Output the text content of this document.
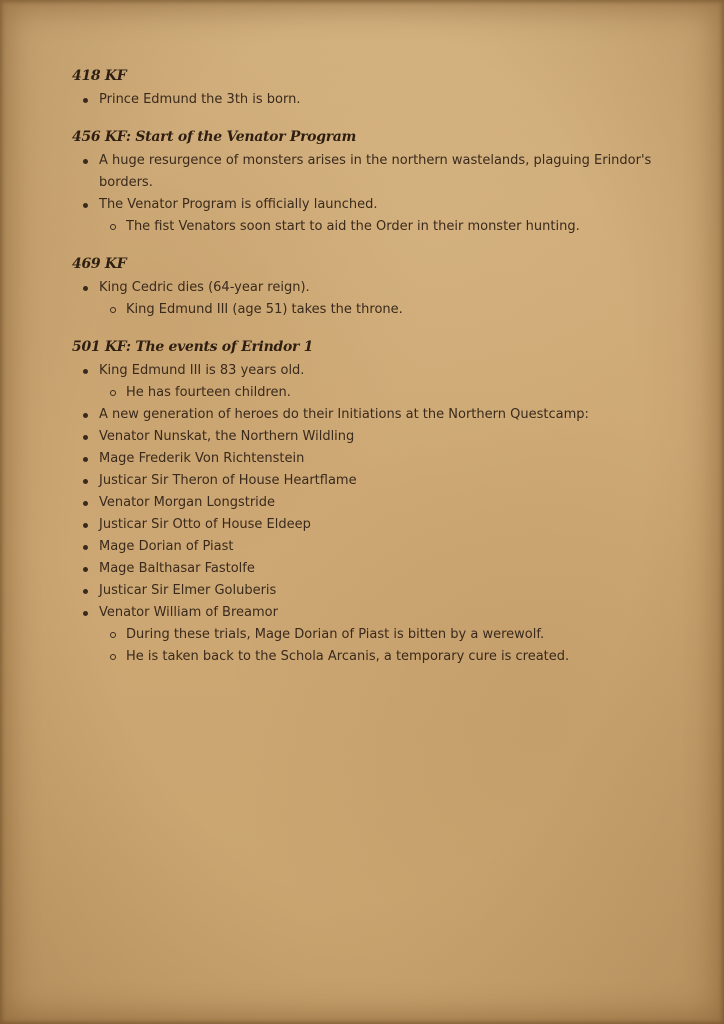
418 KF
Prince Edmund the 3th is born.
456 KF: Start of the Venator Program
A huge resurgence of monsters arises in the northern wastelands, plaguing Erindor's borders.
The Venator Program is officially launched.
The fist Venators soon start to aid the Order in their monster hunting.
469 KF
King Cedric dies (64-year reign).
King Edmund III (age 51) takes the throne.
501 KF: The events of Erindor 1
King Edmund III is 83 years old.
He has fourteen children.
A new generation of heroes do their Initiations at the Northern Questcamp:
Venator Nunskat, the Northern Wildling
Mage Frederik Von Richtenstein
Justicar Sir Theron of House Heartflame
Venator Morgan Longstride
Justicar Sir Otto of House Eldeep
Mage Dorian of Piast
Mage Balthasar Fastolfe
Justicar Sir Elmer Goluberis
Venator William of Breamor
During these trials, Mage Dorian of Piast is bitten by a werewolf.
He is taken back to the Schola Arcanis, a temporary cure is created.
